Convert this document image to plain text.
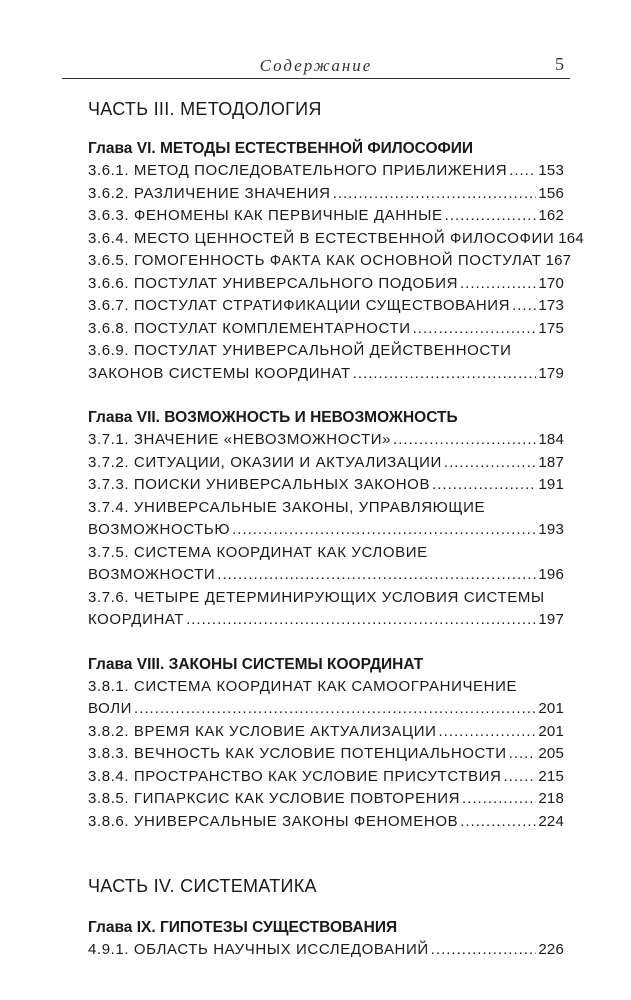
Содержание	5
ЧАСТЬ III. МЕТОДОЛОГИЯ
Глава VI. МЕТОДЫ ЕСТЕСТВЕННОЙ ФИЛОСОФИИ
3.6.1. МЕТОД ПОСЛЕДОВАТЕЛЬНОГО ПРИБЛИЖЕНИЯ ..... 153
3.6.2. РАЗЛИЧЕНИЕ ЗНАЧЕНИЯ .....	156
3.6.3. ФЕНОМЕНЫ КАК ПЕРВИЧНЫЕ ДАННЫЕ .....	162
3.6.4. МЕСТО ЦЕННОСТЕЙ В ЕСТЕСТВЕННОЙ ФИЛОСОФИИ 164
3.6.5. ГОМОГЕННОСТЬ ФАКТА КАК ОСНОВНОЙ ПОСТУЛАТ 167
3.6.6. ПОСТУЛАТ УНИВЕРСАЛЬНОГО ПОДОБИЯ .....	170
3.6.7. ПОСТУЛАТ СТРАТИФИКАЦИИ СУЩЕСТВОВАНИЯ ..... 173
3.6.8. ПОСТУЛАТ КОМПЛЕМЕНТАРНОСТИ .....	175
3.6.9. ПОСТУЛАТ УНИВЕРСАЛЬНОЙ ДЕЙСТВЕННОСТИ
ЗАКОНОВ СИСТЕМЫ КООРДИНАТ .....	179
Глава VII. ВОЗМОЖНОСТЬ И НЕВОЗМОЖНОСТЬ
3.7.1. ЗНАЧЕНИЕ «НЕВОЗМОЖНОСТИ» .....	184
3.7.2. СИТУАЦИИ, ОКАЗИИ И АКТУАЛИЗАЦИИ .....	187
3.7.3. ПОИСКИ УНИВЕРСАЛЬНЫХ ЗАКОНОВ .....	191
3.7.4. УНИВЕРСАЛЬНЫЕ ЗАКОНЫ, УПРАВЛЯЮЩИЕ
ВОЗМОЖНОСТЬЮ .....	193
3.7.5. СИСТЕМА КООРДИНАТ КАК УСЛОВИЕ
ВОЗМОЖНОСТИ .....	196
3.7.6. ЧЕТЫРЕ ДЕТЕРМИНИРУЮЩИХ УСЛОВИЯ СИСТЕМЫ
КООРДИНАТ .....	197
Глава VIII. ЗАКОНЫ СИСТЕМЫ КООРДИНАТ
3.8.1. СИСТЕМА КООРДИНАТ КАК САМООГРАНИЧЕНИЕ
ВОЛИ .....	201
3.8.2. ВРЕМЯ КАК УСЛОВИЕ АКТУАЛИЗАЦИИ .....	201
3.8.3. ВЕЧНОСТЬ КАК УСЛОВИЕ ПОТЕНЦИАЛЬНОСТИ ..... 205
3.8.4. ПРОСТРАНСТВО КАК УСЛОВИЕ ПРИСУТСТВИЯ ..... 215
3.8.5. ГИПАРКСИС КАК УСЛОВИЕ ПОВТОРЕНИЯ .....	218
3.8.6. УНИВЕРСАЛЬНЫЕ ЗАКОНЫ ФЕНОМЕНОВ .....	224
ЧАСТЬ IV. СИСТЕМАТИКА
Глава IX. ГИПОТЕЗЫ СУЩЕСТВОВАНИЯ
4.9.1. ОБЛАСТЬ НАУЧНЫХ ИССЛЕДОВАНИЙ .....	226
